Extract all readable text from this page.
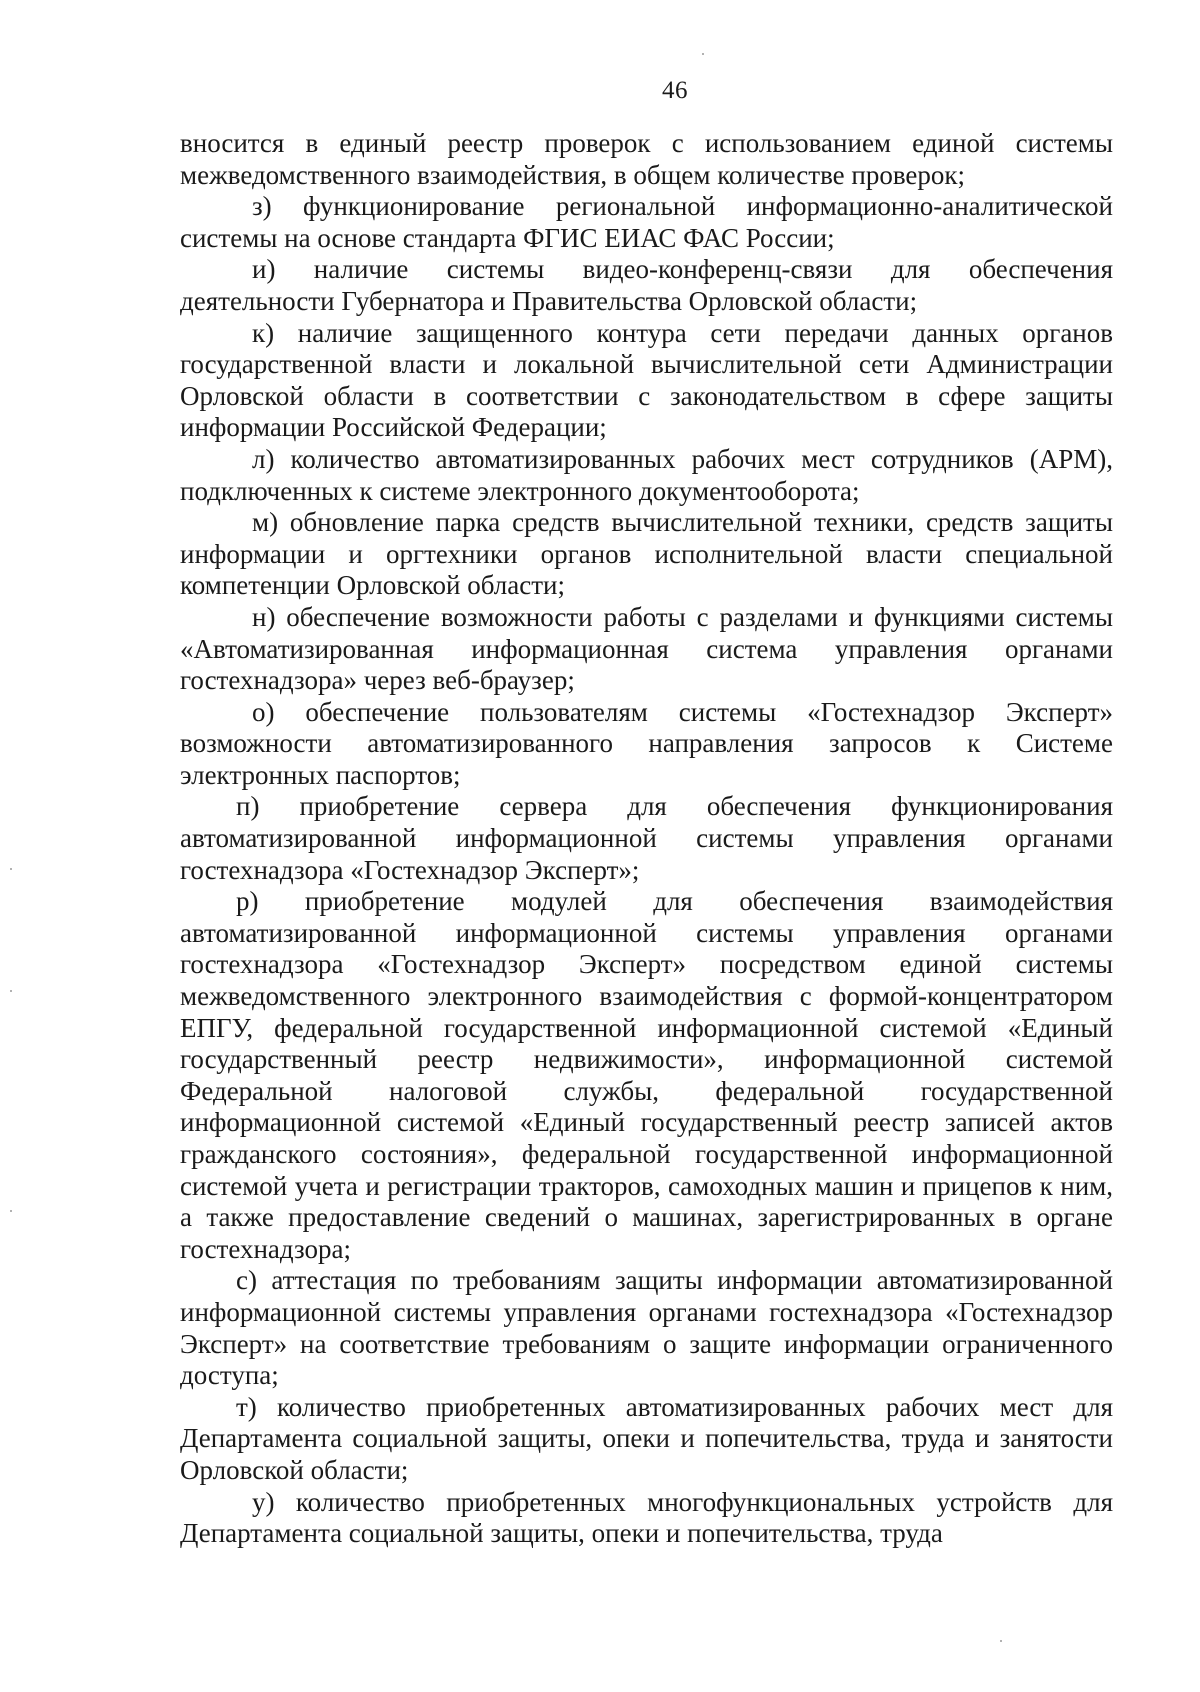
46

вносится в единый реестр проверок с использованием единой системы межведомственного взаимодействия, в общем количестве проверок;

з) функционирование региональной информационно-аналитической системы на основе стандарта ФГИС ЕИАС ФАС России;

и) наличие системы видео-конференц-связи для обеспечения деятельности Губернатора и Правительства Орловской области;

к) наличие защищенного контура сети передачи данных органов государственной власти и локальной вычислительной сети Администрации Орловской области в соответствии с законодательством в сфере защиты информации Российской Федерации;

л) количество автоматизированных рабочих мест сотрудников (АРМ), подключенных к системе электронного документооборота;

м) обновление парка средств вычислительной техники, средств защиты информации и оргтехники органов исполнительной власти специальной компетенции Орловской области;

н) обеспечение возможности работы с разделами и функциями системы «Автоматизированная информационная система управления органами гостехнадзора» через веб-браузер;

о) обеспечение пользователям системы «Гостехнадзор Эксперт» возможности автоматизированного направления запросов к Системе электронных паспортов;

п) приобретение сервера для обеспечения функционирования автоматизированной информационной системы управления органами гостехнадзора «Гостехнадзор Эксперт»;

р) приобретение модулей для обеспечения взаимодействия автоматизированной информационной системы управления органами гостехнадзора «Гостехнадзор Эксперт» посредством единой системы межведомственного электронного взаимодействия с формой-концентратором ЕПГУ, федеральной государственной информационной системой «Единый государственный реестр недвижимости», информационной системой Федеральной налоговой службы, федеральной государственной информационной системой «Единый государственный реестр записей актов гражданского состояния», федеральной государственной информационной системой учета и регистрации тракторов, самоходных машин и прицепов к ним, а также предоставление сведений о машинах, зарегистрированных в органе гостехнадзора;

с) аттестация по требованиям защиты информации автоматизированной информационной системы управления органами гостехнадзора «Гостехнадзор Эксперт» на соответствие требованиям о защите информации ограниченного доступа;

т) количество приобретенных автоматизированных рабочих мест для Департамента социальной защиты, опеки и попечительства, труда и занятости Орловской области;

у) количество приобретенных многофункциональных устройств для Департамента социальной защиты, опеки и попечительства, труда
